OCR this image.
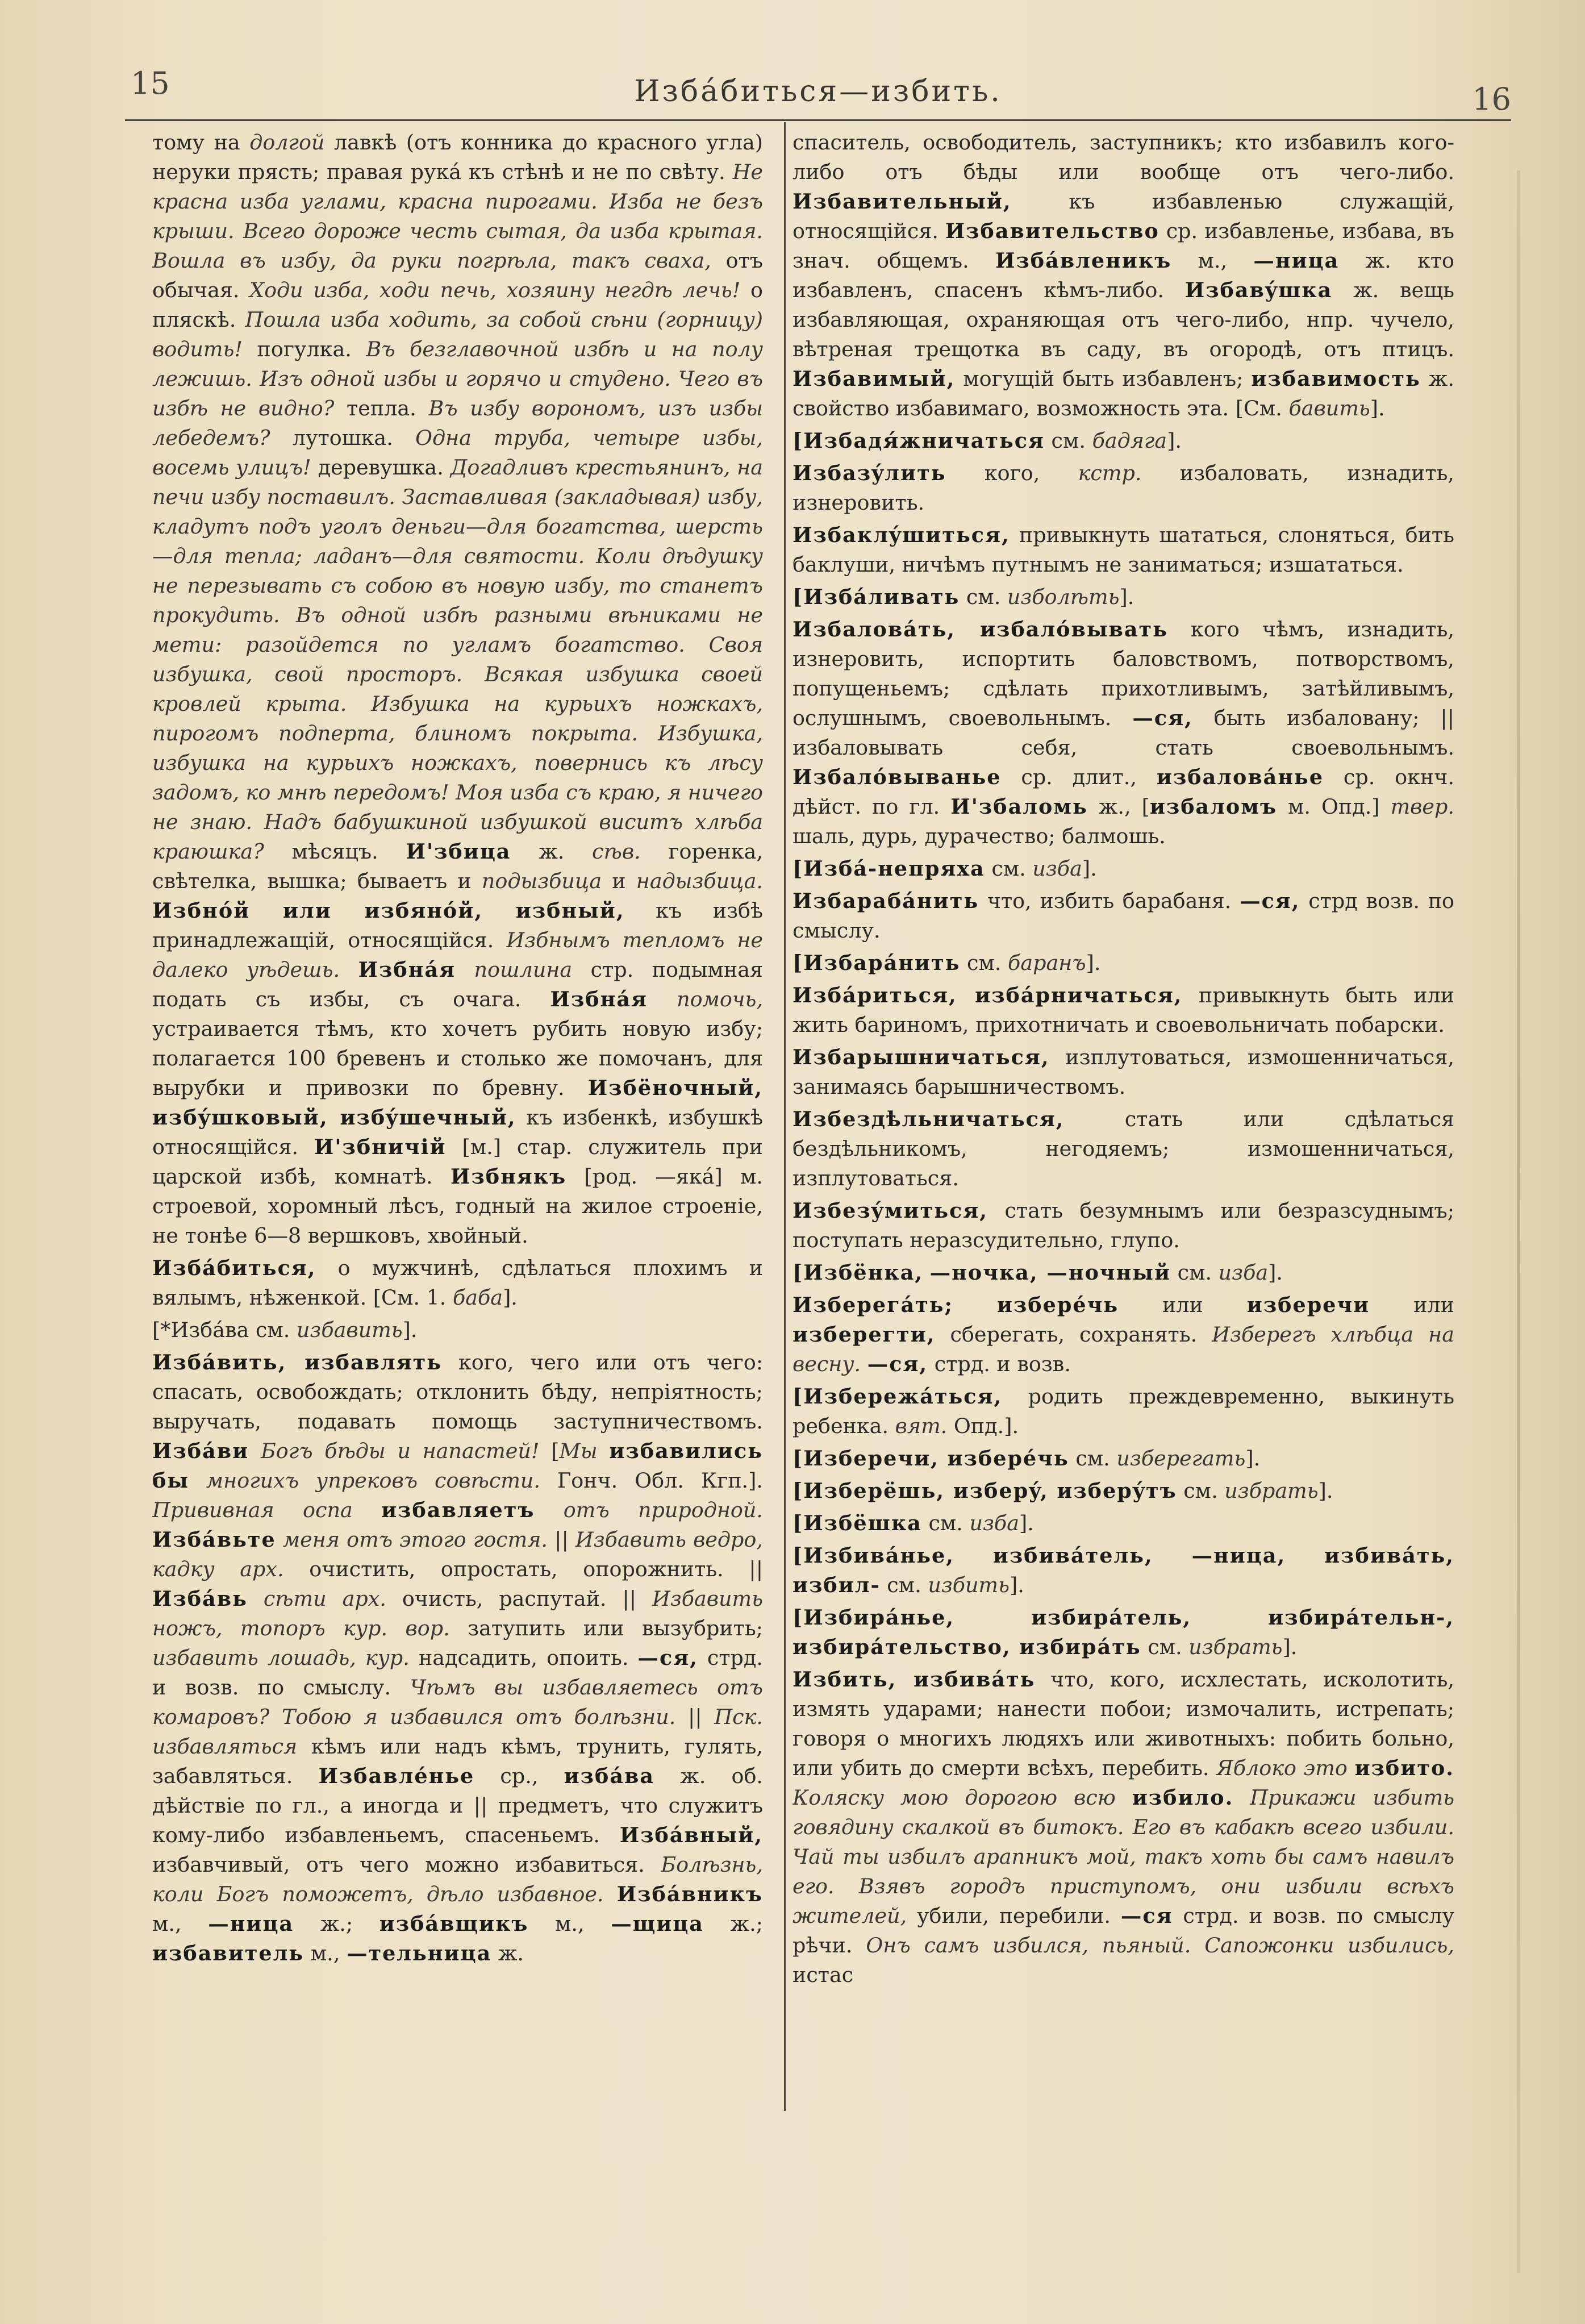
15	Избáбиться—избить.	16

тому на долгой лавкѣ (отъ конника до красного угла) неруки прясть; правая рукá къ стѣнѣ и не по свѣту. Не красна изба углами, красна пирогами. Изба не безъ крыши. Всего дороже честь сытая, да изба крытая. Вошла въ избу, да руки погрѣла, такъ сваха, отъ обычая. Ходи изба, ходи печь, хозяину негдѣ лечь! о пляскѣ. Пошла изба ходить, за собой сѣни (горницу) водить! погулка. Въ безглавочной избѣ и на полу лежишь. Изъ одной избы и горячо и студено. Чего въ избѣ не видно? тепла. Въ избу ворономъ, изъ избы лебедемъ? лутошка. Одна труба, четыре избы, восемь улицъ! деревушка. Догадливъ крестьянинъ, на печи избу поставилъ. Заставливая (закладывая) избу, кладутъ подъ уголъ деньги—для богатства, шерсть—для тепла; ладанъ—для святости. Коли дѣдушку не перезывать съ собою въ новую избу, то станетъ прокудить. Въ одной избѣ разными вѣниками не мети: разойдется по угламъ богатство. Своя избушка, свой просторъ. Всякая избушка своей кровлей крыта. Избушка на курьихъ ножкахъ, пирогомъ подперта, блиномъ покрыта. Избушка, избушка на курьихъ ножкахъ, повернись къ лѣсу задомъ, ко мнѣ передомъ! Моя изба съ краю, я ничего не знаю. Надъ бабушкиной избушкой виситъ хлѣба краюшка? мѣсяцъ. И'збица ж. сѣв. горенка, свѣтелка, вышка; бываетъ и подызбица и надызбица. Избнóй или избянóй, избный, къ избѣ принадлежащій, относящійся. Избнымъ тепломъ не далеко уѣдешь. Избнáя пошлина стр. подымная подать съ избы, съ очага. Избнáя помочь, устраивается тѣмъ, кто хочетъ рубить новую избу; полагается 100 бревенъ и столько же помочанъ, для вырубки и привозки по бревну. Избёночный, избýшковый, избýшечный, къ избенкѣ, избушкѣ относящійся. И'збничій [м.] стар. служитель при царской избѣ, комнатѣ. Избнякъ [род. —якá] м. строевой, хоромный лѣсъ, годный на жилое строеніе, не тонѣе 6—8 вершковъ, хвойный.

Избáбиться, о мужчинѣ, сдѣлаться плохимъ и вялымъ, нѣженкой. [См. 1. баба].

[*Избáва см. избавить].

Избáвить, избавлять кого, чего или отъ чего: спасать, освобождать; отклонить бѣду, непріятность; выручать, подавать помощь заступничествомъ. Избáви Богъ бѣды и напастей! [Мы избавились бы многихъ упрековъ совѣсти. Гонч. Обл. Кгп.]. Прививная оспа избавляетъ отъ природной. Избáвьте меня отъ этого гостя. || Избавить ведро, кадку арх. очистить, опростать, опорожнить. || Избáвь сѣти арх. очисть, распутай. || Избавить ножъ, топоръ кур. вор. затупить или вызубрить; избавить лошадь, кур. надсадить, опоить. —ся, стрд. и возв. по смыслу. Чѣмъ вы избавляетесь отъ комаровъ? Тобою я избавился отъ болѣзни. || Пск. избавляться кѣмъ или надъ кѣмъ, трунить, гулять, забавляться. Избавлéнье ср., избáва ж. об. дѣйствіе по гл., а иногда и || предметъ, что служитъ кому-либо избавленьемъ, спасеньемъ. Избáвный, избавчивый, отъ чего можно избавиться. Болѣзнь, коли Богъ поможетъ, дѣло избавное. Избáвникъ м., —ница ж.; избáвщикъ м., —щица ж.; избавитель м., —тельница ж.

спаситель, освободитель, заступникъ; кто избавилъ кого-либо отъ бѣды или вообще отъ чего-либо. Избавительный, къ избавленью служащій, относящійся. Избавительство ср. избавленье, избава, въ знач. общемъ. Избáвленикъ м., —ница ж. кто избавленъ, спасенъ кѣмъ-либо. Избавýшка ж. вещь избавляющая, охраняющая отъ чего-либо, нпр. чучело, вѣтреная трещотка въ саду, въ огородѣ, отъ птицъ. Избавимый, могущій быть избавленъ; избавимость ж. свойство избавимаго, возможность эта. [См. бавить].

[Избадя́жничаться см. бадяга].

Избазýлить кого, кстр. избаловать, изнадить, изнеровить.

Избаклýшиться, привыкнуть шататься, слоняться, бить баклуши, ничѣмъ путнымъ не заниматься; изшататься.

[Избáливать см. изболѣть].

Избаловáть, избалóвывать кого чѣмъ, изнадить, изнеровить, испортить баловствомъ, потворствомъ, попущеньемъ; сдѣлать прихотливымъ, затѣйливымъ, ослушнымъ, своевольнымъ. —ся, быть избаловану; || избаловывать себя, стать своевольнымъ. Избалóвыванье ср. длит., избаловáнье ср. окнч. дѣйст. по гл. И'збаломь ж., [избаломъ м. Опд.] твер. шаль, дурь, дурачество; балмошь.

[Избá-непряха см. изба].

Избарабáнить что, избить барабаня. —ся, стрд возв. по смыслу.

[Избарáнить см. баранъ].

Избáриться, избáрничаться, привыкнуть быть или жить бариномъ, прихотничать и своевольничать побарски.

Избарышничаться, изплутоваться, измошенничаться, занимаясь барышничествомъ.

Избездѣльничаться, стать или сдѣлаться бездѣльникомъ, негодяемъ; измошенничаться, изплутоваться.

Избезýмиться, стать безумнымъ или безразсуднымъ; поступать неразсудительно, глупо.

[Избёнка, —ночка, —ночный см. изба].

Изберегáть; изберéчь или изберечи или изберегти, сберегать, сохранять. Изберегъ хлѣбца на весну. —ся, стрд. и возв.

[Избережáться, родить преждевременно, выкинуть ребенка. вят. Опд.].

[Изберечи, изберéчь см. изберегать].

[Изберёшь, изберý, изберýтъ см. избрать].

[Избёшка см. изба].

[Избивáнье, избивáтель, —ница, избивáть, избил- см. избить].

[Избирáнье, избирáтель, избирáтельн-, избирáтельство, избирáть см. избрать].

Избить, избивáть что, кого, исхлестать, исколотить, измять ударами; нанести побои; измочалить, истрепать; говоря о многихъ людяхъ или животныхъ: побить больно, или убить до смерти всѣхъ, перебить. Яблоко это избито. Коляску мою дорогою всю избило. Прикажи избить говядину скалкой въ битокъ. Его въ кабакѣ всего избили. Чай ты избилъ арапникъ мой, такъ хоть бы самъ навилъ его. Взявъ городъ приступомъ, они избили всѣхъ жителей, убили, перебили. —ся стрд. и возв. по смыслу рѣчи. Онъ самъ избился, пьяный. Сапожонки избились, истас
